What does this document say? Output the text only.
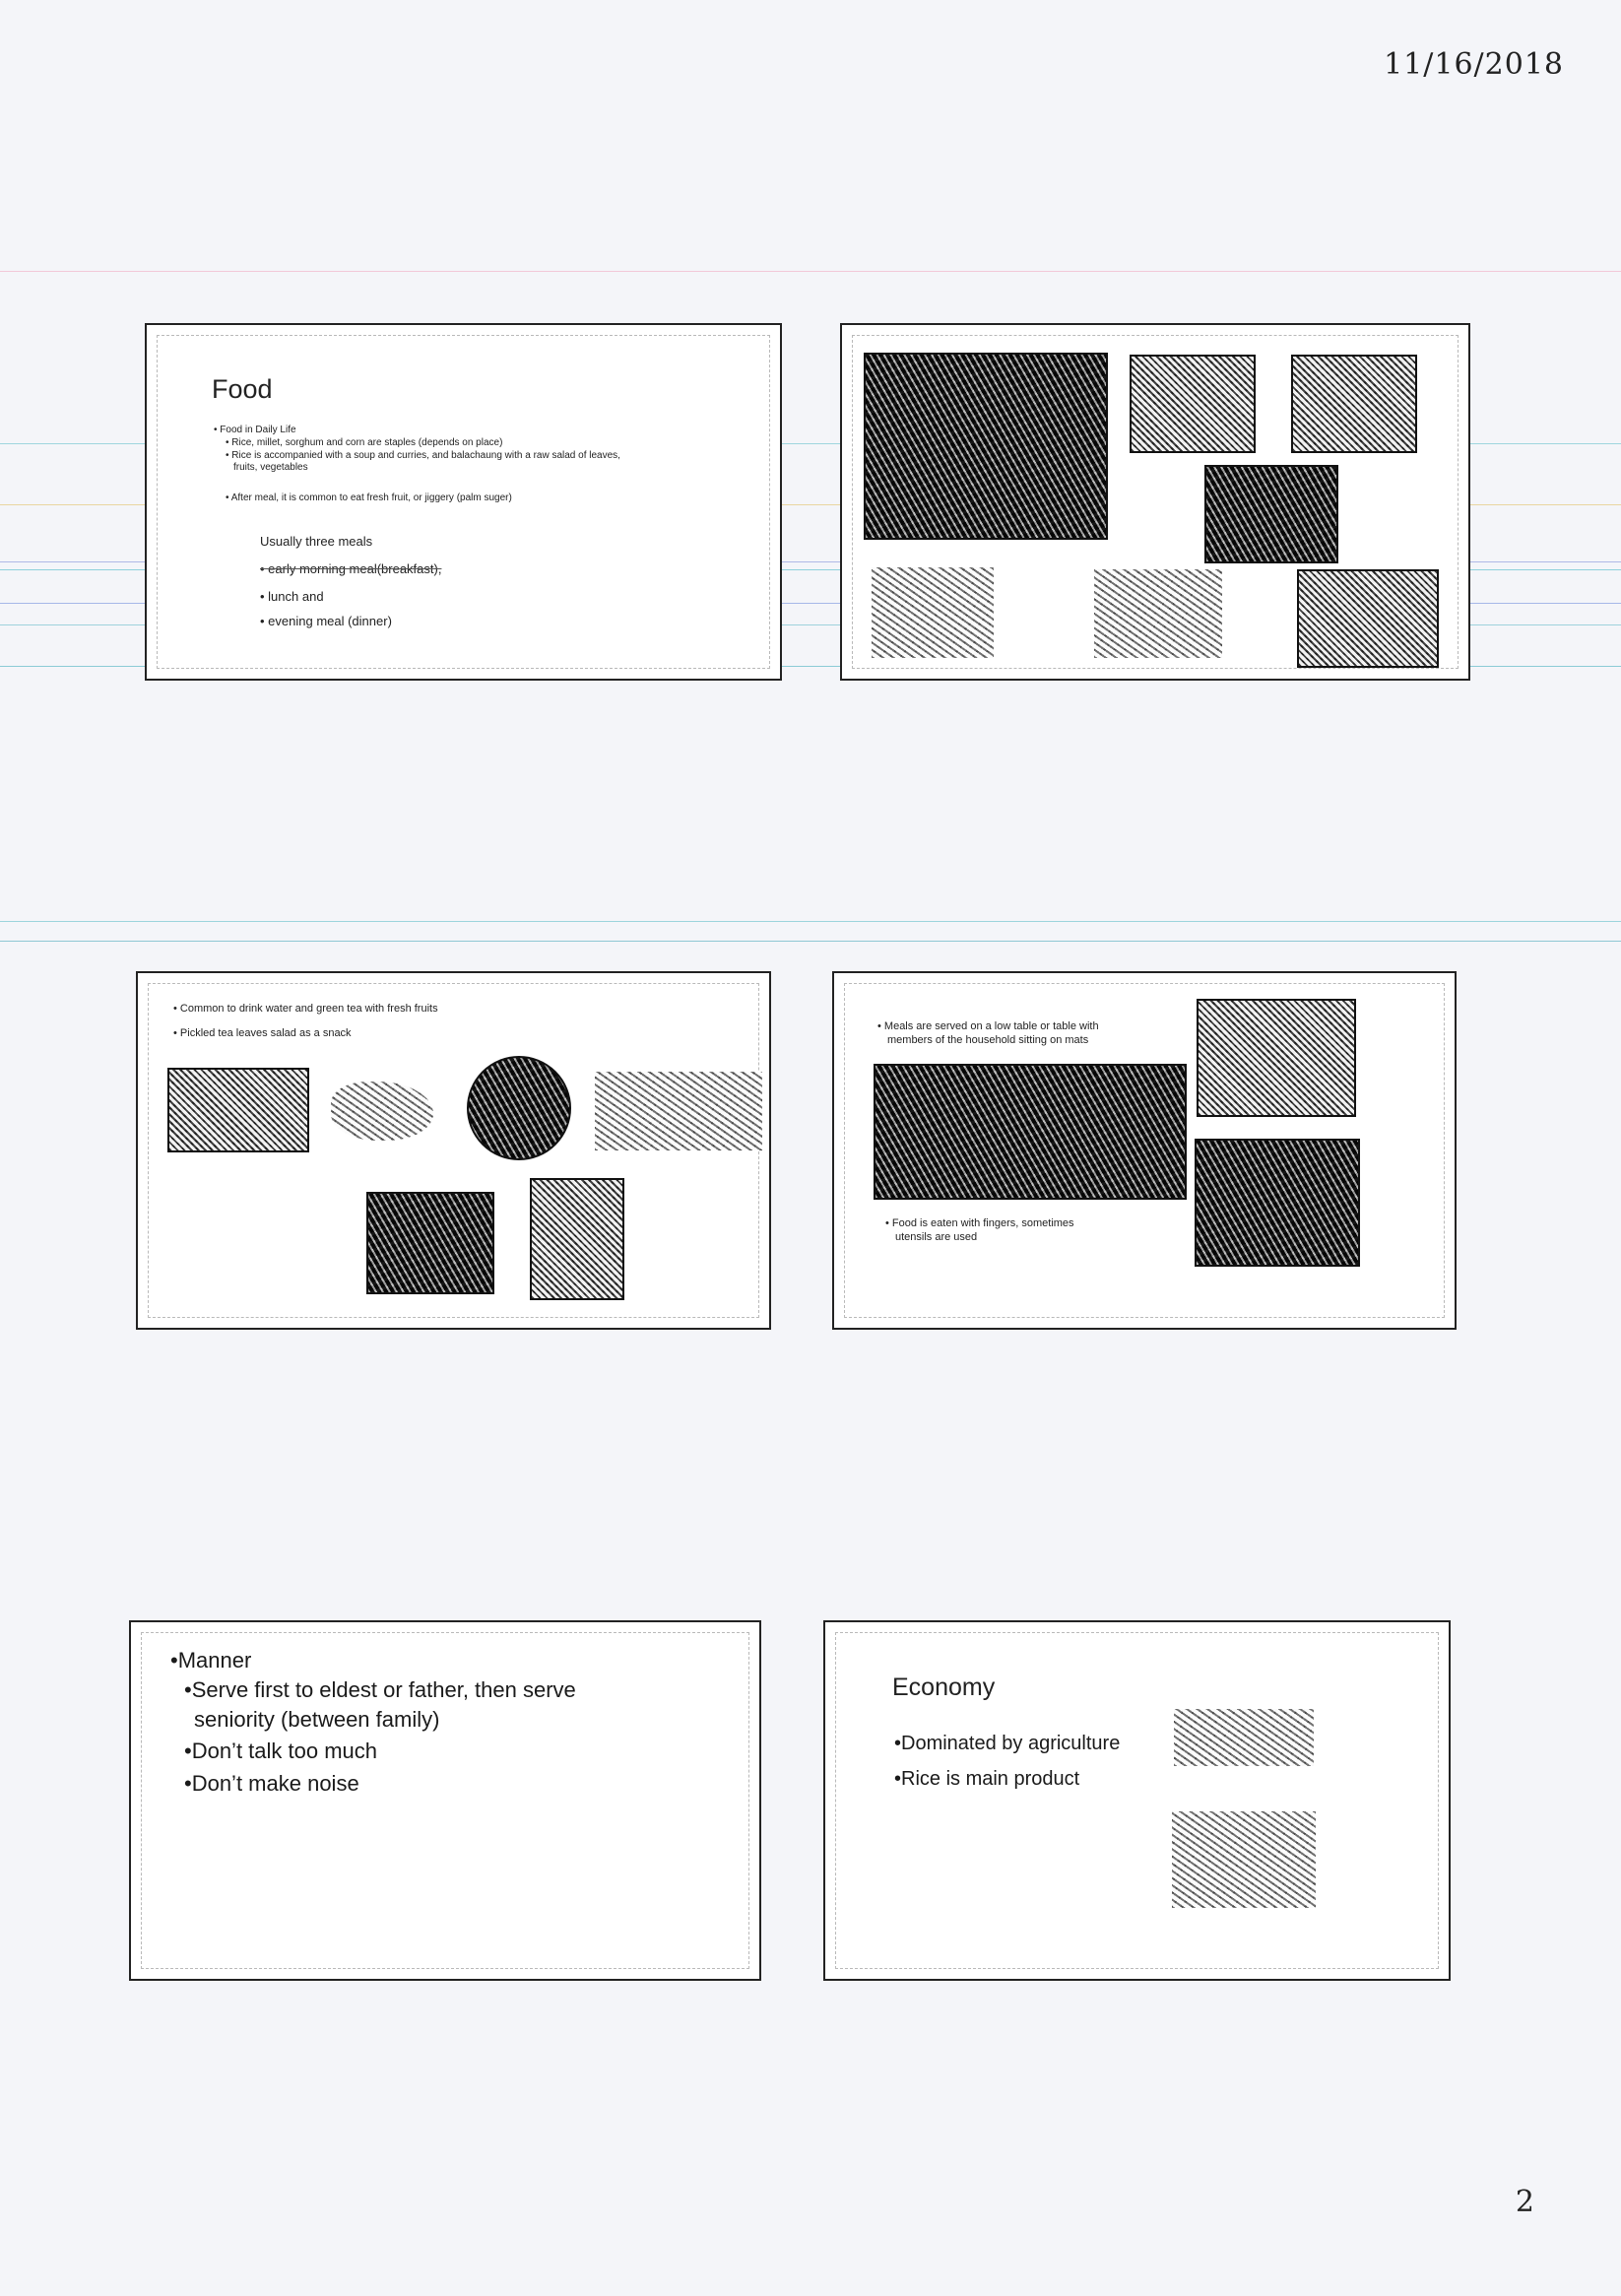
11/16/2018
Food
• Food in Daily Life
• Rice, millet, sorghum and corn are staples (depends on place)
• Rice is accompanied with a soup and curries, and balachaung with a raw salad of leaves,
fruits, vegetables
• After meal, it is common to eat fresh fruit, or jiggery (palm suger)
Usually three meals
• early morning meal(breakfast),
• lunch and
• evening meal (dinner)
• Common to drink water and green tea with fresh fruits
• Pickled tea leaves salad as a snack
• Meals are served on a low table or table with
members of the household sitting on mats
• Food is eaten with fingers, sometimes
utensils are used
•Manner
•Serve first to eldest or father, then serve
seniority (between family)
•Don’t talk too much
•Don’t make noise
Economy
•Dominated by agriculture
•Rice is main product
2
